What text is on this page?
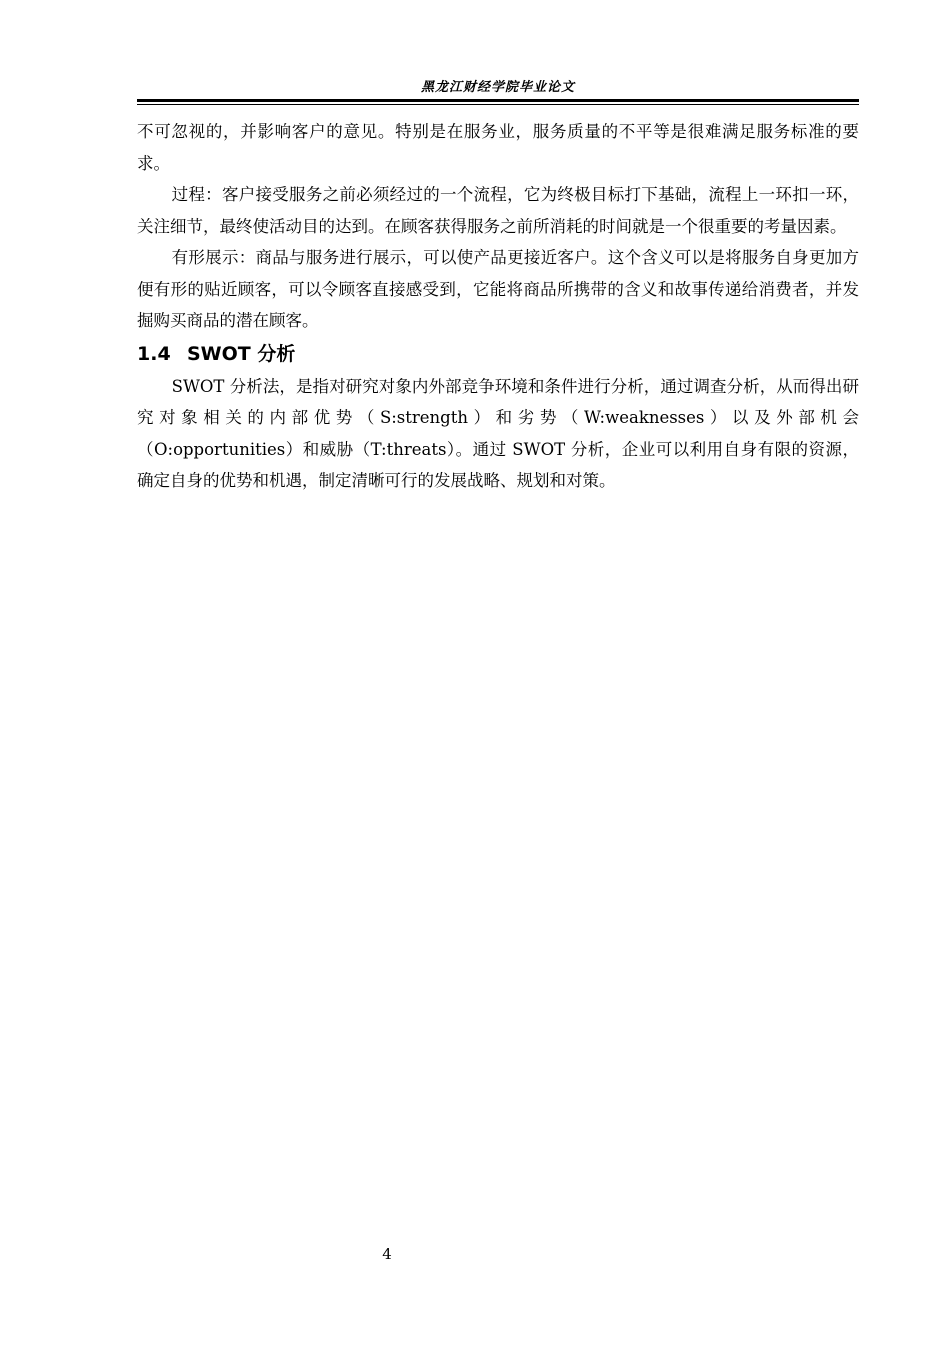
黑龙江财经学院毕业论文

不可忽视的，并影响客户的意见。特别是在服务业，服务质量的不平等是很难满足服务标准的要求。

过程：客户接受服务之前必须经过的一个流程，它为终极目标打下基础，流程上一环扣一环，关注细节，最终使活动目的达到。在顾客获得服务之前所消耗的时间就是一个很重要的考量因素。

有形展示：商品与服务进行展示，可以使产品更接近客户。这个含义可以是将服务自身更加方便有形的贴近顾客，可以令顾客直接感受到，它能将商品所携带的含义和故事传递给消费者，并发掘购买商品的潜在顾客。

1.4 SWOT 分析

SWOT 分析法，是指对研究对象内外部竞争环境和条件进行分析，通过调查分析，从而得出研究对象相关的内部优势（S:strength）和劣势（W:weaknesses）以及外部机会（O:opportunities）和威胁（T:threats）。通过 SWOT 分析，企业可以利用自身有限的资源，确定自身的优势和机遇，制定清晰可行的发展战略、规划和对策。

4
